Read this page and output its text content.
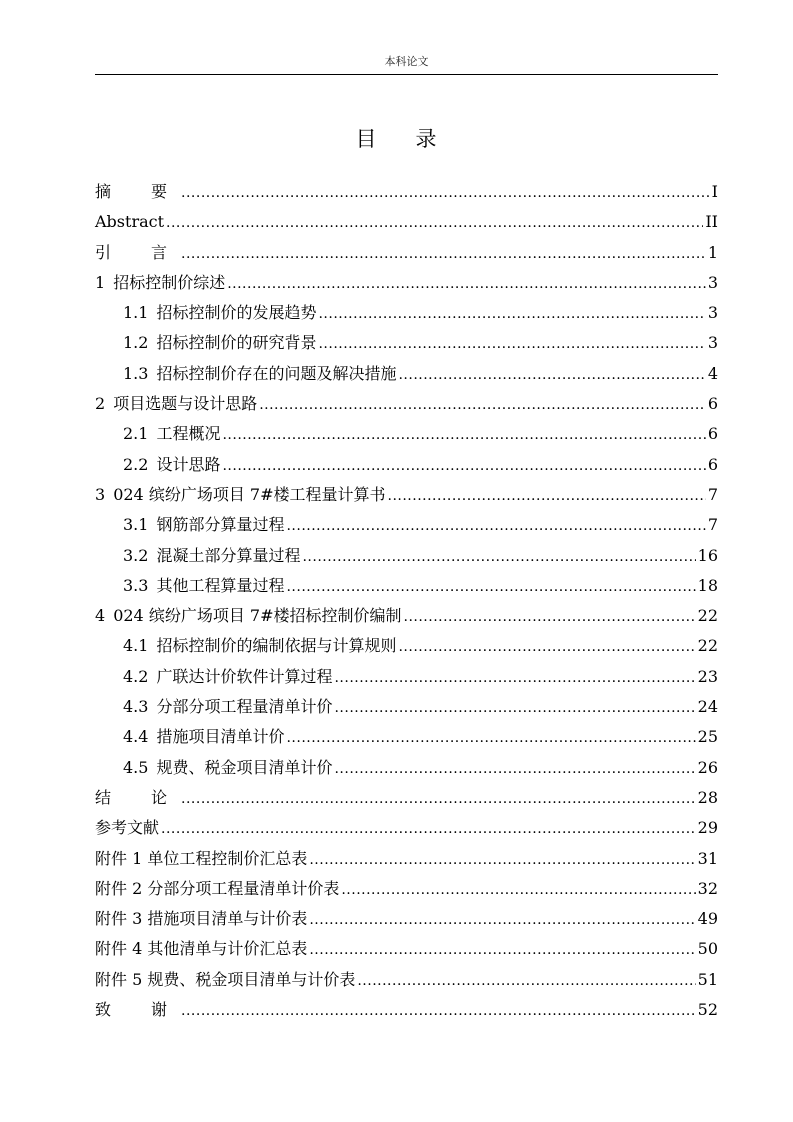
本科论文
目 录
摘　要 .....	I
Abstract .....	II
引　言 .....	1
1 招标控制价综述 .....	3
1.1 招标控制价的发展趋势 .....	3
1.2 招标控制价的研究背景 .....	3
1.3 招标控制价存在的问题及解决措施 .....	4
2 项目选题与设计思路 .....	6
2.1 工程概况 .....	6
2.2 设计思路 .....	6
3 024 缤纷广场项目 7#楼工程量计算书 .....	7
3.1 钢筋部分算量过程 .....	7
3.2 混凝土部分算量过程 .....	16
3.3 其他工程算量过程 .....	18
4 024 缤纷广场项目 7#楼招标控制价编制 .....	22
4.1 招标控制价的编制依据与计算规则 .....	22
4.2 广联达计价软件计算过程 .....	23
4.3 分部分项工程量清单计价 .....	24
4.4 措施项目清单计价 .....	25
4.5 规费、税金项目清单计价 .....	26
结　论 .....	28
参考文献 .....	29
附件 1 单位工程控制价汇总表 .....	31
附件 2 分部分项工程量清单计价表 .....	32
附件 3 措施项目清单与计价表 .....	49
附件 4 其他清单与计价汇总表 .....	50
附件 5 规费、税金项目清单与计价表 .....	51
致　谢 .....	52
